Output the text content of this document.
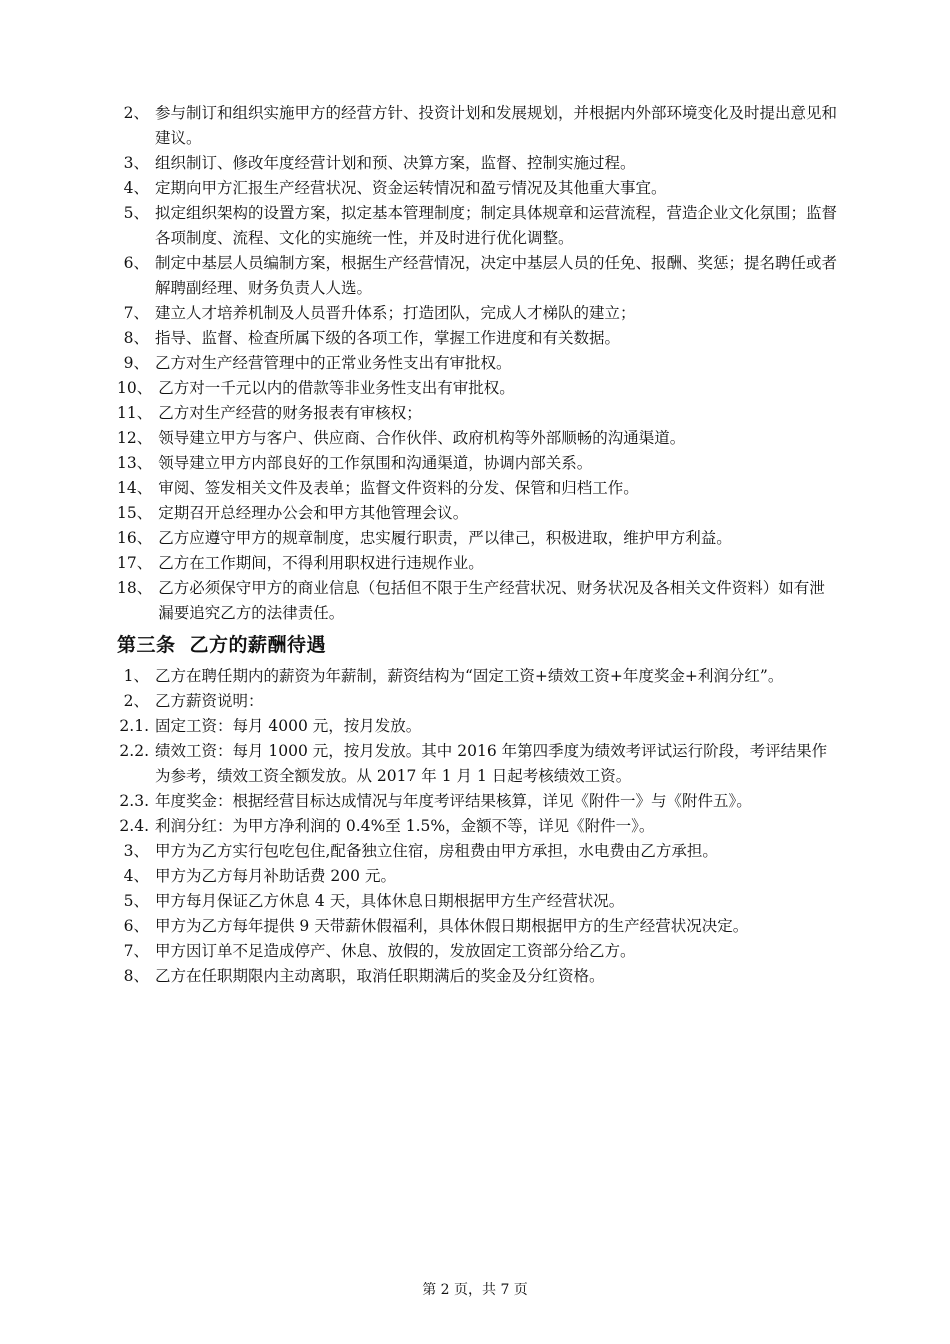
2、 参与制订和组织实施甲方的经营方针、投资计划和发展规划，并根据内外部环境变化及时提出意见和建议。
3、 组织制订、修改年度经营计划和预、决算方案，监督、控制实施过程。
4、 定期向甲方汇报生产经营状况、资金运转情况和盈亏情况及其他重大事宜。
5、 拟定组织架构的设置方案，拟定基本管理制度；制定具体规章和运营流程，营造企业文化氛围；监督各项制度、流程、文化的实施统一性，并及时进行优化调整。
6、 制定中基层人员编制方案，根据生产经营情况，决定中基层人员的任免、报酬、奖惩；提名聘任或者解聘副经理、财务负责人人选。
7、 建立人才培养机制及人员晋升体系；打造团队，完成人才梯队的建立；
8、 指导、监督、检查所属下级的各项工作，掌握工作进度和有关数据。
9、 乙方对生产经营管理中的正常业务性支出有审批权。
10、 乙方对一千元以内的借款等非业务性支出有审批权。
11、 乙方对生产经营的财务报表有审核权；
12、 领导建立甲方与客户、供应商、合作伙伴、政府机构等外部顺畅的沟通渠道。
13、 领导建立甲方内部良好的工作氛围和沟通渠道，协调内部关系。
14、 审阅、签发相关文件及表单；监督文件资料的分发、保管和归档工作。
15、 定期召开总经理办公会和甲方其他管理会议。
16、 乙方应遵守甲方的规章制度，忠实履行职责，严以律己，积极进取，维护甲方利益。
17、 乙方在工作期间，不得利用职权进行违规作业。
18、 乙方必须保守甲方的商业信息（包括但不限于生产经营状况、财务状况及各相关文件资料）如有泄漏要追究乙方的法律责任。
第三条 乙方的薪酬待遇
1、 乙方在聘任期内的薪资为年薪制，薪资结构为“固定工资+绩效工资+年度奖金+利润分红”。
2、 乙方薪资说明：
2.1. 固定工资：每月 4000 元，按月发放。
2.2. 绩效工资：每月 1000 元，按月发放。其中 2016 年第四季度为绩效考评试运行阶段，考评结果作为参考，绩效工资全额发放。从 2017 年 1 月 1 日起考核绩效工资。
2.3. 年度奖金：根据经营目标达成情况与年度考评结果核算，详见《附件一》与《附件五》。
2.4. 利润分红：为甲方净利润的 0.4%至 1.5%，金额不等，详见《附件一》。
3、 甲方为乙方实行包吃包住,配备独立住宿，房租费由甲方承担，水电费由乙方承担。
4、 甲方为乙方每月补助话费 200 元。
5、 甲方每月保证乙方休息 4 天，具体休息日期根据甲方生产经营状况。
6、 甲方为乙方每年提供 9 天带薪休假福利，具体休假日期根据甲方的生产经营状况决定。
7、 甲方因订单不足造成停产、休息、放假的，发放固定工资部分给乙方。
8、 乙方在任职期限内主动离职，取消任职期满后的奖金及分红资格。
第 2 页，共 7 页
